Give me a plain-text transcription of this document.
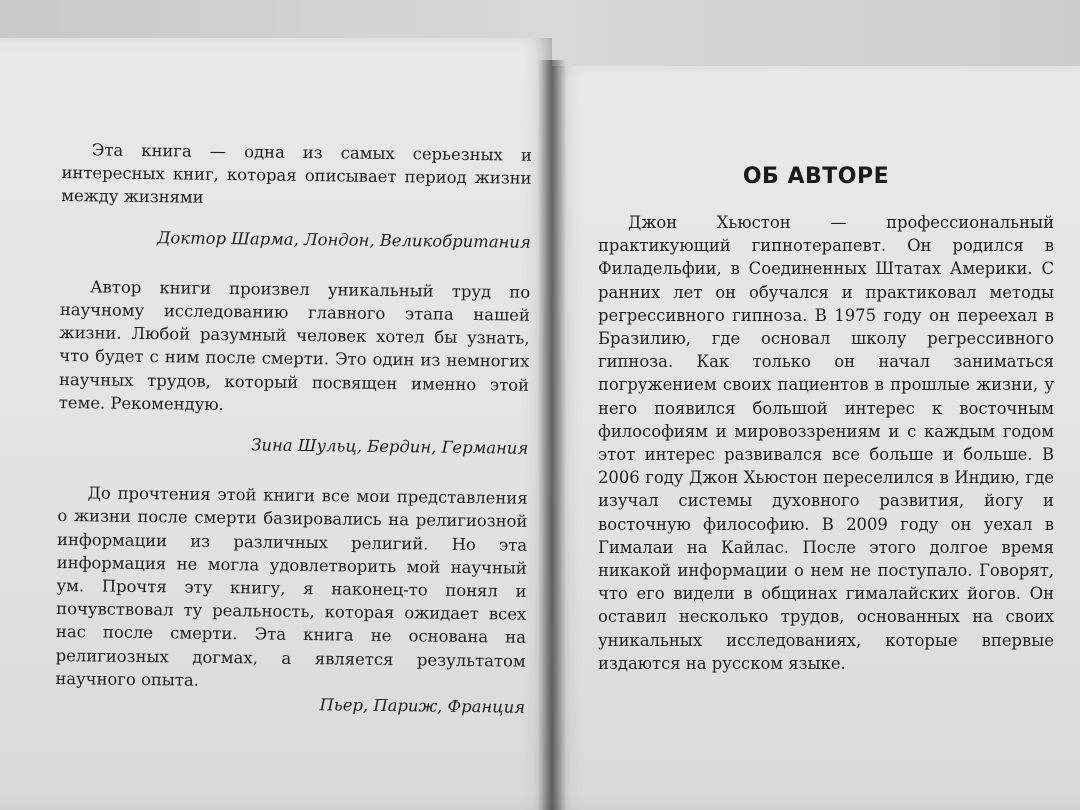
Эта книга — одна из самых серьезных и интересных книг, которая описывает период жизни между жизнями

Доктор Шарма, Лондон, Великобритания

Автор книги произвел уникальный труд по научному исследованию главного этапа нашей жизни. Любой разумный человек хотел бы узнать, что будет с ним после смерти. Это один из немногих научных трудов, который посвящен именно этой теме. Рекомендую.

Зина Шульц, Бердин, Германия

До прочтения этой книги все мои представления о жизни после смерти базировались на религиозной информации из различных религий. Но эта информация не могла удовлетворить мой научный ум. Прочтя эту книгу, я наконец-то понял и почувствовал ту реальность, которая ожидает всех нас после смерти. Эта книга не основана на религиозных догмах, а является результатом научного опыта.

Пьер, Париж, Франция

ОБ АВТОРЕ

Джон Хьюстон — профессиональный практикующий гипнотерапевт. Он родился в Филадельфии, в Соединенных Штатах Америки. С ранних лет он обучался и практиковал методы регрессивного гипноза. В 1975 году он переехал в Бразилию, где основал школу регрессивного гипноза. Как только он начал заниматься погружением своих пациентов в прошлые жизни, у него появился большой интерес к восточным философиям и мировоззрениям и с каждым годом этот интерес развивался все больше и больше. В 2006 году Джон Хьюстон переселился в Индию, где изучал системы духовного развития, йогу и восточную философию. В 2009 году он уехал в Гималаи на Кайлас. После этого долгое время никакой информации о нем не поступало. Говорят, что его видели в общинах гималайских йогов. Он оставил несколько трудов, основанных на своих уникальных исследованиях, которые впервые издаются на русском языке.
